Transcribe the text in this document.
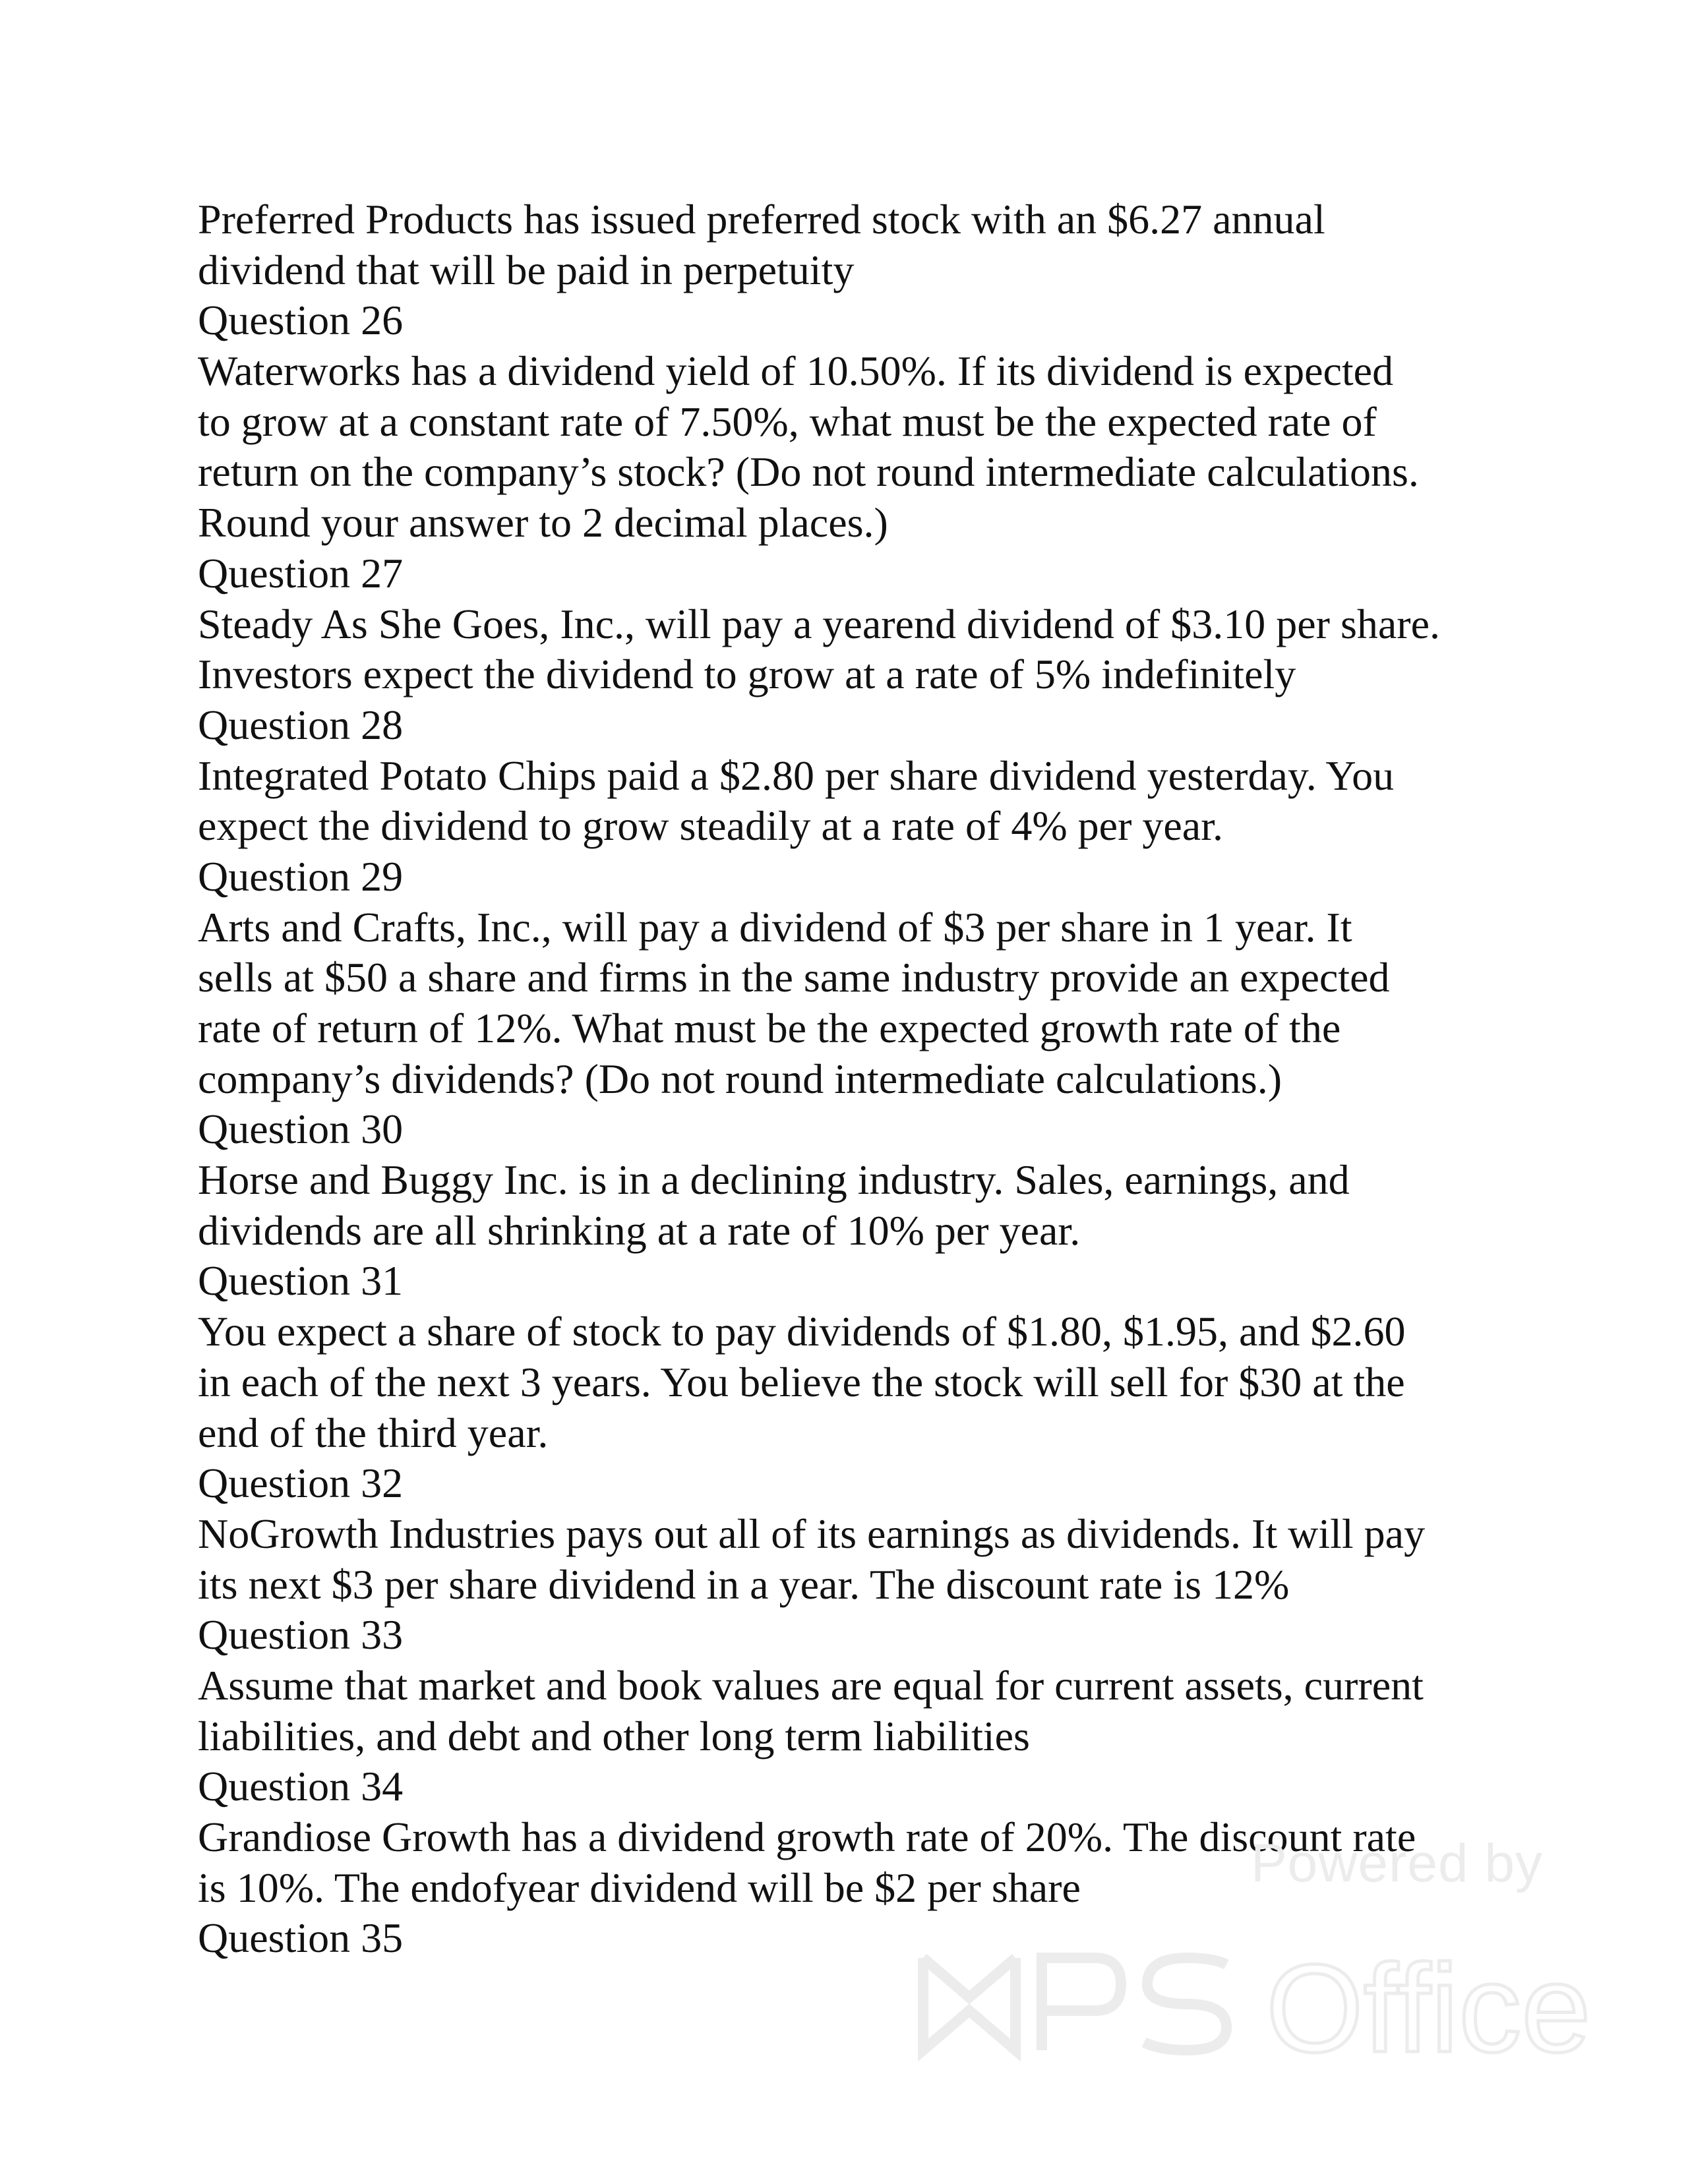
Preferred Products has issued preferred stock with an $6.27 annual
dividend that will be paid in perpetuity
Question 26
Waterworks has a dividend yield of 10.50%. If its dividend is expected
to grow at a constant rate of 7.50%, what must be the expected rate of
return on the company’s stock? (Do not round intermediate calculations.
Round your answer to 2 decimal places.)
Question 27
Steady As She Goes, Inc., will pay a yearend dividend of $3.10 per share.
Investors expect the dividend to grow at a rate of 5% indefinitely
Question 28
Integrated Potato Chips paid a $2.80 per share dividend yesterday. You
expect the dividend to grow steadily at a rate of 4% per year.
Question 29
Arts and Crafts, Inc., will pay a dividend of $3 per share in 1 year. It
sells at $50 a share and firms in the same industry provide an expected
rate of return of 12%. What must be the expected growth rate of the
company’s dividends? (Do not round intermediate calculations.)
Question 30
Horse and Buggy Inc. is in a declining industry. Sales, earnings, and
dividends are all shrinking at a rate of 10% per year.
Question 31
You expect a share of stock to pay dividends of $1.80, $1.95, and $2.60
in each of the next 3 years. You believe the stock will sell for $30 at the
end of the third year.
Question 32
NoGrowth Industries pays out all of its earnings as dividends. It will pay
its next $3 per share dividend in a year. The discount rate is 12%
Question 33
Assume that market and book values are equal for current assets, current
liabilities, and debt and other long term liabilities
Question 34
Grandiose Growth has a dividend growth rate of 20%. The discount rate
is 10%. The endofyear dividend will be $2 per share
Question 35
Powered by
Office
